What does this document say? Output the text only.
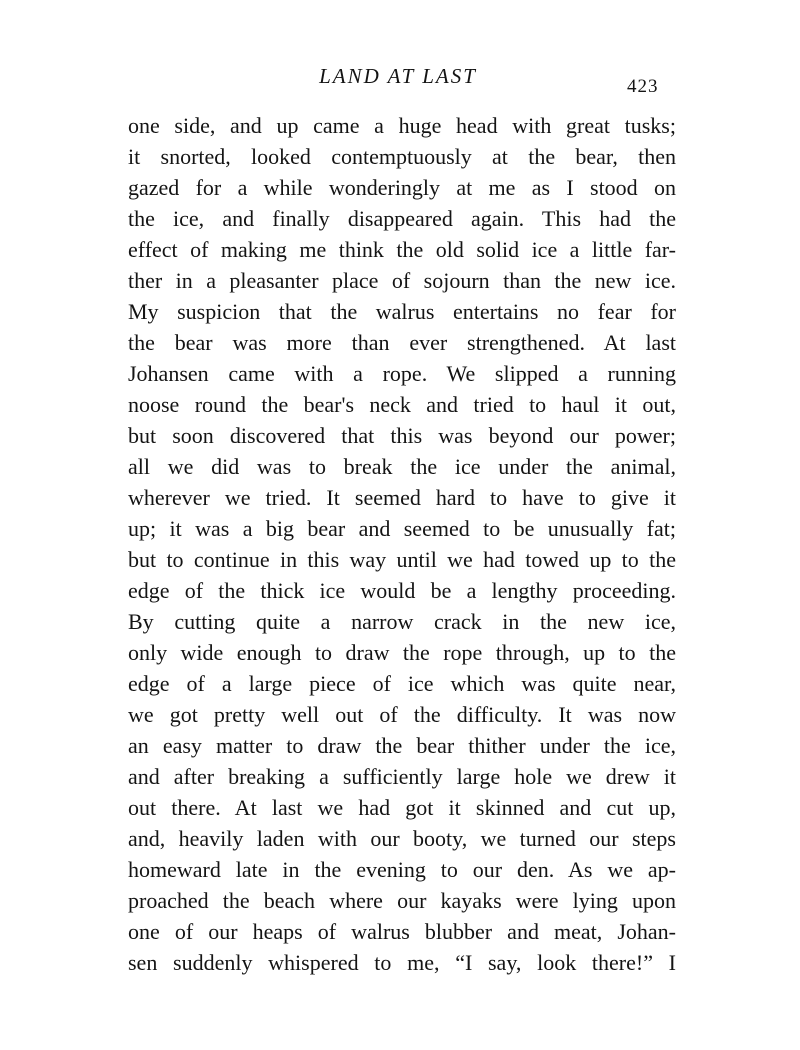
LAND AT LAST	423
one side, and up came a huge head with great tusks;
it snorted, looked contemptuously at the bear, then
gazed for a while wonderingly at me as I stood on
the ice, and finally disappeared again. This had the
effect of making me think the old solid ice a little far-
ther in a pleasanter place of sojourn than the new ice.
My suspicion that the walrus entertains no fear for
the bear was more than ever strengthened. At last
Johansen came with a rope. We slipped a running
noose round the bear's neck and tried to haul it out,
but soon discovered that this was beyond our power;
all we did was to break the ice under the animal,
wherever we tried. It seemed hard to have to give it
up; it was a big bear and seemed to be unusually fat;
but to continue in this way until we had towed up to the
edge of the thick ice would be a lengthy proceeding.
By cutting quite a narrow crack in the new ice,
only wide enough to draw the rope through, up to the
edge of a large piece of ice which was quite near,
we got pretty well out of the difficulty. It was now
an easy matter to draw the bear thither under the ice,
and after breaking a sufficiently large hole we drew it
out there. At last we had got it skinned and cut up,
and, heavily laden with our booty, we turned our steps
homeward late in the evening to our den. As we ap-
proached the beach where our kayaks were lying upon
one of our heaps of walrus blubber and meat, Johan-
sen suddenly whispered to me, “I say, look there!” I
